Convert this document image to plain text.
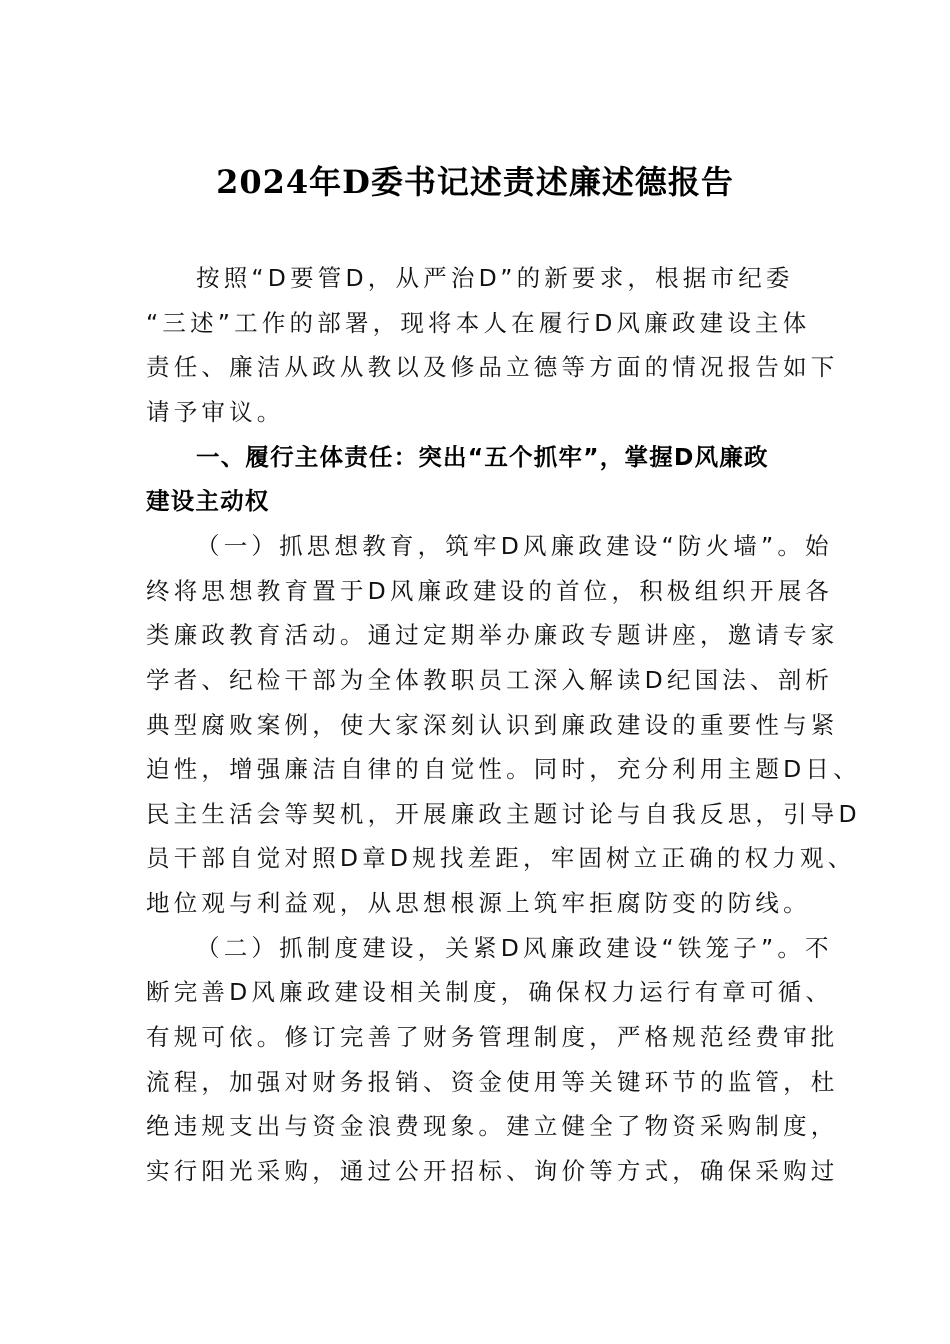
2024年D委书记述责述廉述德报告
按照“D要管D，从严治D”的新要求，根据市纪委
“三述”工作的部署，现将本人在履行D风廉政建设主体
责任、廉洁从政从教以及修品立德等方面的情况报告如下
请予审议。
一、履行主体责任：突出“五个抓牢”，掌握D风廉政
建设主动权
（一）抓思想教育，筑牢D风廉政建设“防火墙”。始
终将思想教育置于D风廉政建设的首位，积极组织开展各
类廉政教育活动。通过定期举办廉政专题讲座，邀请专家
学者、纪检干部为全体教职员工深入解读D纪国法、剖析
典型腐败案例，使大家深刻认识到廉政建设的重要性与紧
迫性，增强廉洁自律的自觉性。同时，充分利用主题D日、
民主生活会等契机，开展廉政主题讨论与自我反思，引导D
员干部自觉对照D章D规找差距，牢固树立正确的权力观、
地位观与利益观，从思想根源上筑牢拒腐防变的防线。
（二）抓制度建设，关紧D风廉政建设“铁笼子”。不
断完善D风廉政建设相关制度，确保权力运行有章可循、
有规可依。修订完善了财务管理制度，严格规范经费审批
流程，加强对财务报销、资金使用等关键环节的监管，杜
绝违规支出与资金浪费现象。建立健全了物资采购制度，
实行阳光采购，通过公开招标、询价等方式，确保采购过
